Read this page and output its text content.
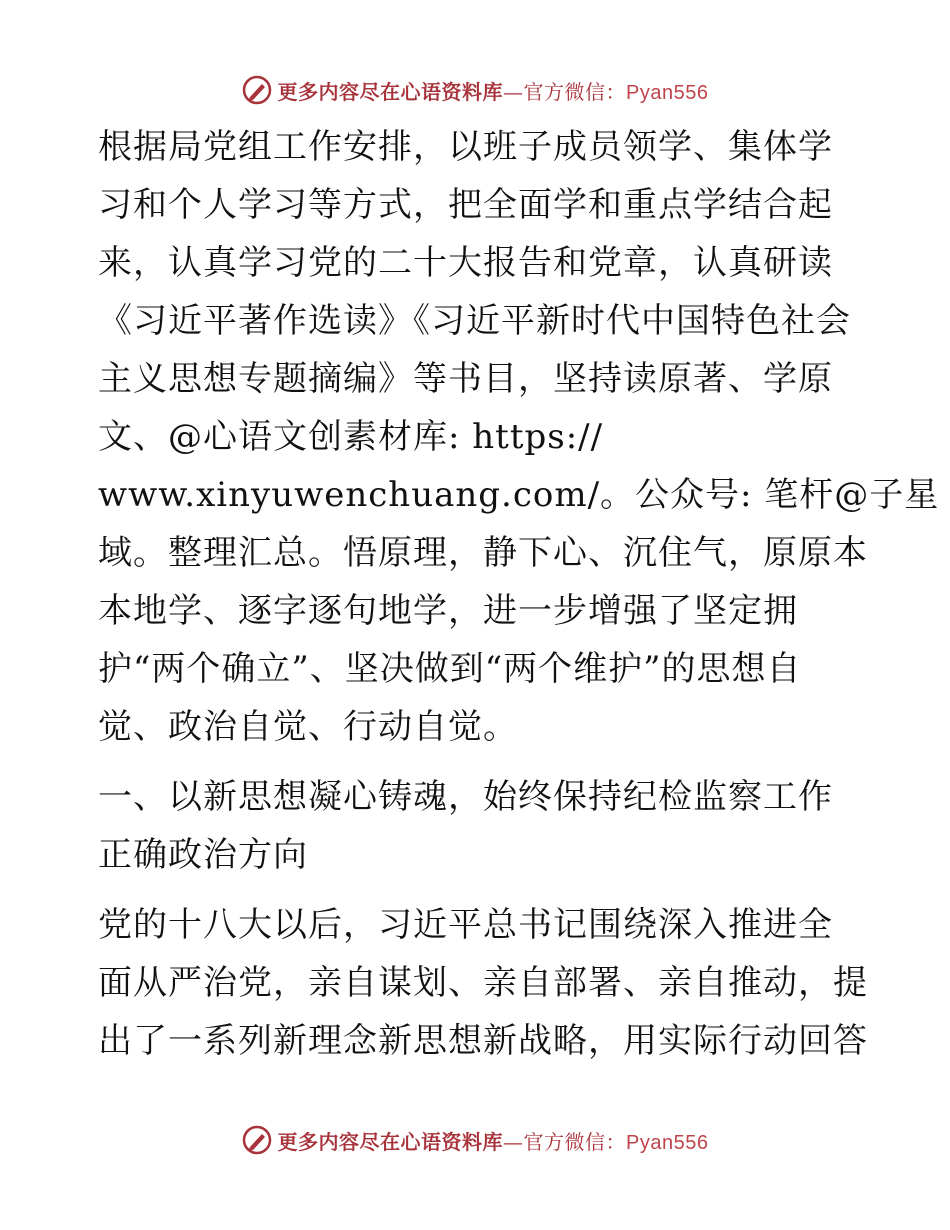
更多内容尽在心语资料库—官方微信：Pyan556
根据局党组工作安排，以班子成员领学、集体学
习和个人学习等方式，把全面学和重点学结合起
来，认真学习党的二十大报告和党章，认真研读
《习近平著作选读》《习近平新时代中国特色社会
主义思想专题摘编》等书目，坚持读原著、学原
文、@心语文创素材库: https://
www.xinyuwenchuang.com/。公众号: 笔杆@子星
域。整理汇总。悟原理，静下心、沉住气，原原本
本地学、逐字逐句地学，进一步增强了坚定拥
护“两个确立”、坚决做到“两个维护”的思想自
觉、政治自觉、行动自觉。
一、以新思想凝心铸魂，始终保持纪检监察工作
正确政治方向
党的十八大以后，习近平总书记围绕深入推进全
面从严治党，亲自谋划、亲自部署、亲自推动，提
出了一系列新理念新思想新战略，用实际行动回答
更多内容尽在心语资料库—官方微信：Pyan556
